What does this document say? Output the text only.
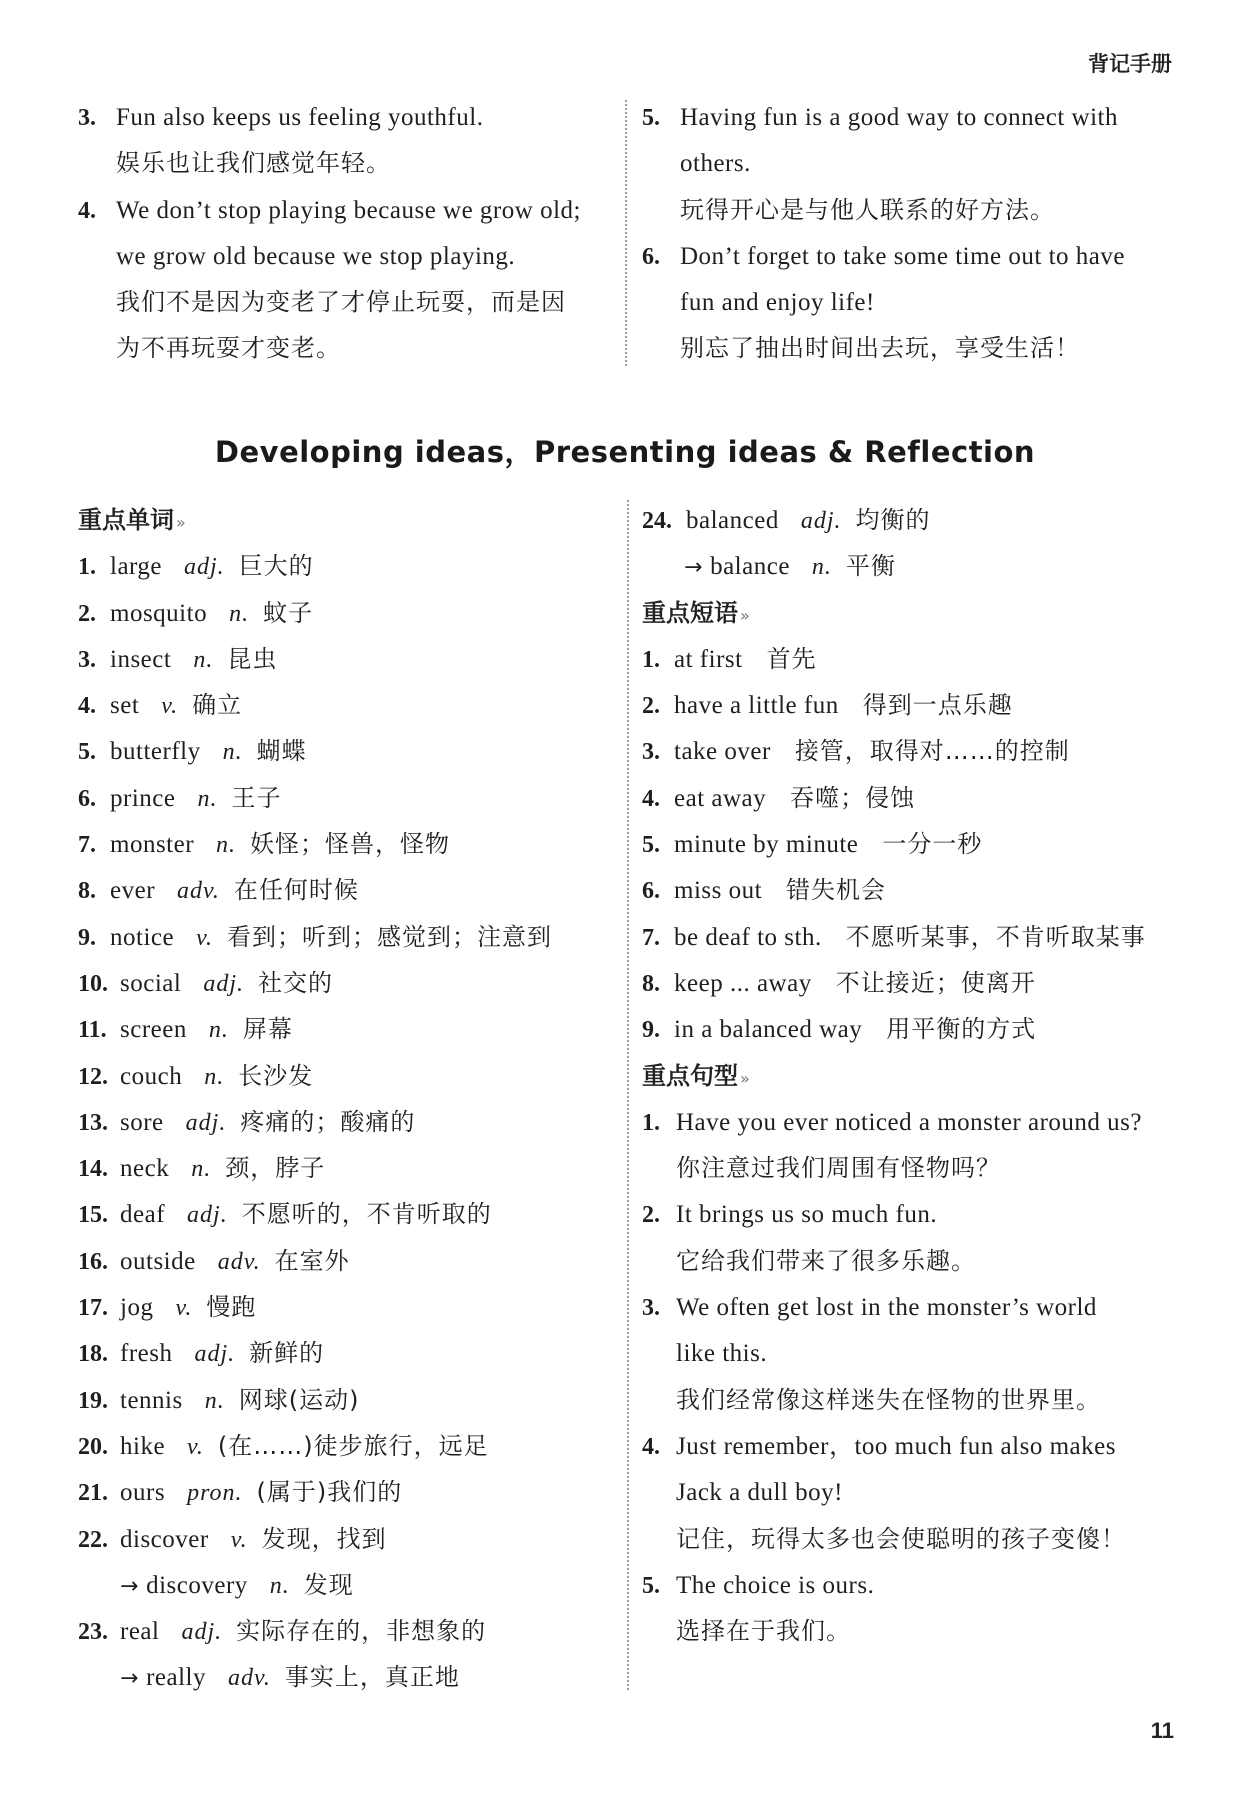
背记手册
3. Fun also keeps us feeling youthful.
娱乐也让我们感觉年轻。
4. We don’t stop playing because we grow old;
we grow old because we stop playing.
我们不是因为变老了才停止玩耍，而是因
为不再玩耍才变老。
5. Having fun is a good way to connect with
others.
玩得开心是与他人联系的好方法。
6. Don’t forget to take some time out to have
fun and enjoy life!
别忘了抽出时间出去玩，享受生活！
Developing ideas，Presenting ideas & Reflection
重点单词 »
1. large adj. 巨大的
2. mosquito n. 蚊子
3. insect n. 昆虫
4. set v. 确立
5. butterfly n. 蝴蝶
6. prince n. 王子
7. monster n. 妖怪；怪兽，怪物
8. ever adv. 在任何时候
9. notice v. 看到；听到；感觉到；注意到
10. social adj. 社交的
11. screen n. 屏幕
12. couch n. 长沙发
13. sore adj. 疼痛的；酸痛的
14. neck n. 颈，脖子
15. deaf adj. 不愿听的，不肯听取的
16. outside adv. 在室外
17. jog v. 慢跑
18. fresh adj. 新鲜的
19. tennis n. 网球(运动)
20. hike v. (在……)徒步旅行，远足
21. ours pron. (属于)我们的
22. discover v. 发现，找到
→ discovery n. 发现
23. real adj. 实际存在的，非想象的
→ really adv. 事实上，真正地
24. balanced adj. 均衡的
→ balance n. 平衡
重点短语 »
1. at first 首先
2. have a little fun 得到一点乐趣
3. take over 接管，取得对……的控制
4. eat away 吞噬；侵蚀
5. minute by minute 一分一秒
6. miss out 错失机会
7. be deaf to sth. 不愿听某事，不肯听取某事
8. keep ... away 不让接近；使离开
9. in a balanced way 用平衡的方式
重点句型 »
1. Have you ever noticed a monster around us?
你注意过我们周围有怪物吗？
2. It brings us so much fun.
它给我们带来了很多乐趣。
3. We often get lost in the monster’s world
like this.
我们经常像这样迷失在怪物的世界里。
4. Just remember，too much fun also makes
Jack a dull boy!
记住，玩得太多也会使聪明的孩子变傻！
5. The choice is ours.
选择在于我们。
11
